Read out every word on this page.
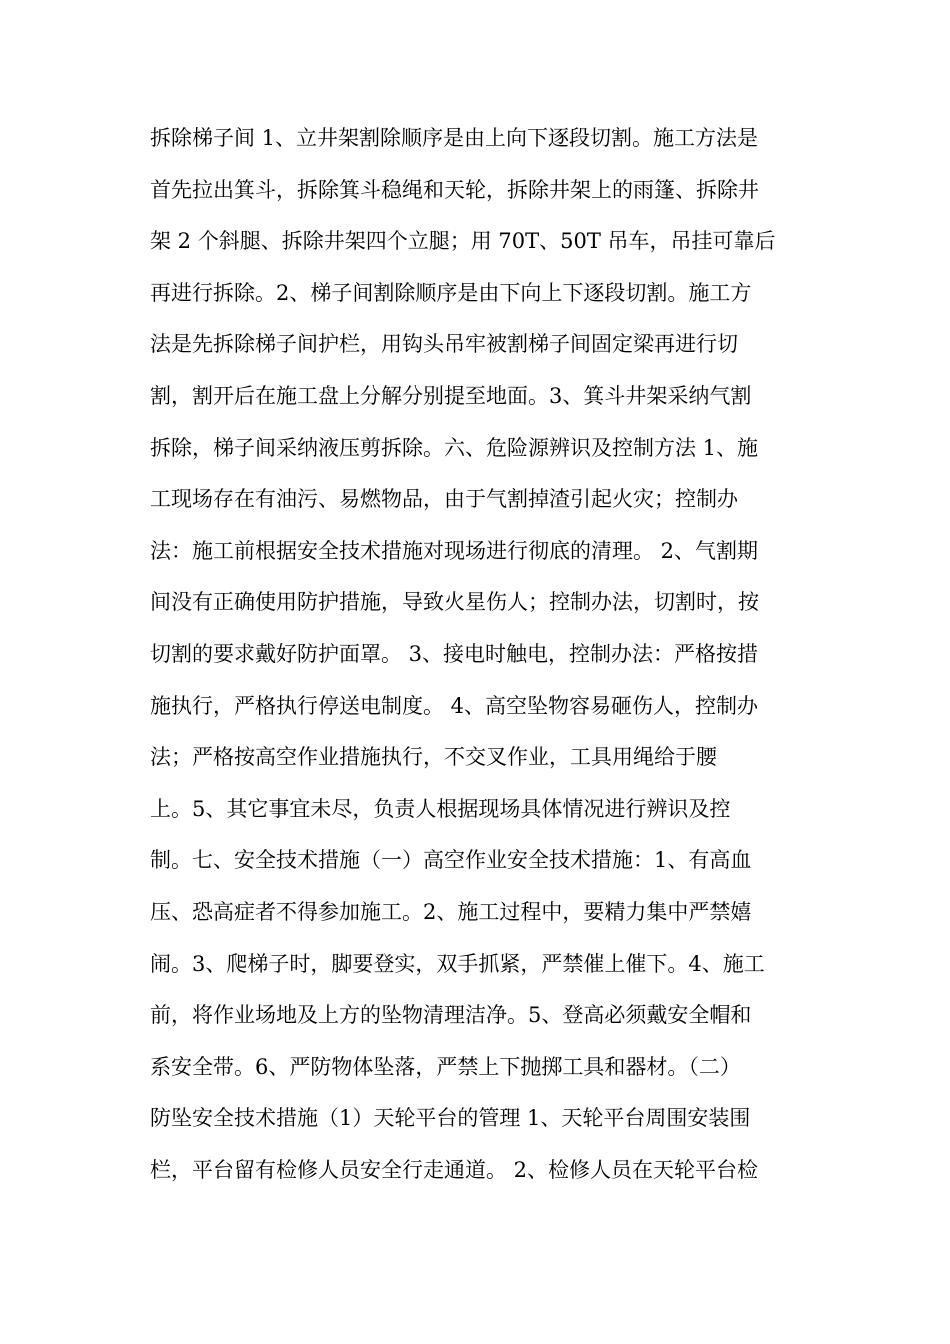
拆除梯子间 1、立井架割除顺序是由上向下逐段切割。施工方法是
首先拉出箕斗，拆除箕斗稳绳和天轮，拆除井架上的雨篷、拆除井
架 2 个斜腿、拆除井架四个立腿；用 70T、50T 吊车，吊挂可靠后
再进行拆除。2、梯子间割除顺序是由下向上下逐段切割。施工方
法是先拆除梯子间护栏，用钩头吊牢被割梯子间固定梁再进行切
割，割开后在施工盘上分解分别提至地面。3、箕斗井架采纳气割
拆除，梯子间采纳液压剪拆除。六、危险源辨识及控制方法 1、施
工现场存在有油污、易燃物品，由于气割掉渣引起火灾；控制办
法：施工前根据安全技术措施对现场进行彻底的清理。 2、气割期
间没有正确使用防护措施，导致火星伤人；控制办法，切割时，按
切割的要求戴好防护面罩。 3、接电时触电，控制办法：严格按措
施执行，严格执行停送电制度。 4、高空坠物容易砸伤人，控制办
法；严格按高空作业措施执行，不交叉作业，工具用绳给于腰
上。5、其它事宜未尽，负责人根据现场具体情况进行辨识及控
制。七、安全技术措施（一）高空作业安全技术措施：1、有高血
压、恐高症者不得参加施工。2、施工过程中，要精力集中严禁嬉
闹。3、爬梯子时，脚要登实，双手抓紧，严禁催上催下。4、施工
前，将作业场地及上方的坠物清理洁净。5、登高必须戴安全帽和
系安全带。6、严防物体坠落，严禁上下抛掷工具和器材。（二）
防坠安全技术措施（1）天轮平台的管理 1、天轮平台周围安装围
栏，平台留有检修人员安全行走通道。 2、检修人员在天轮平台检
